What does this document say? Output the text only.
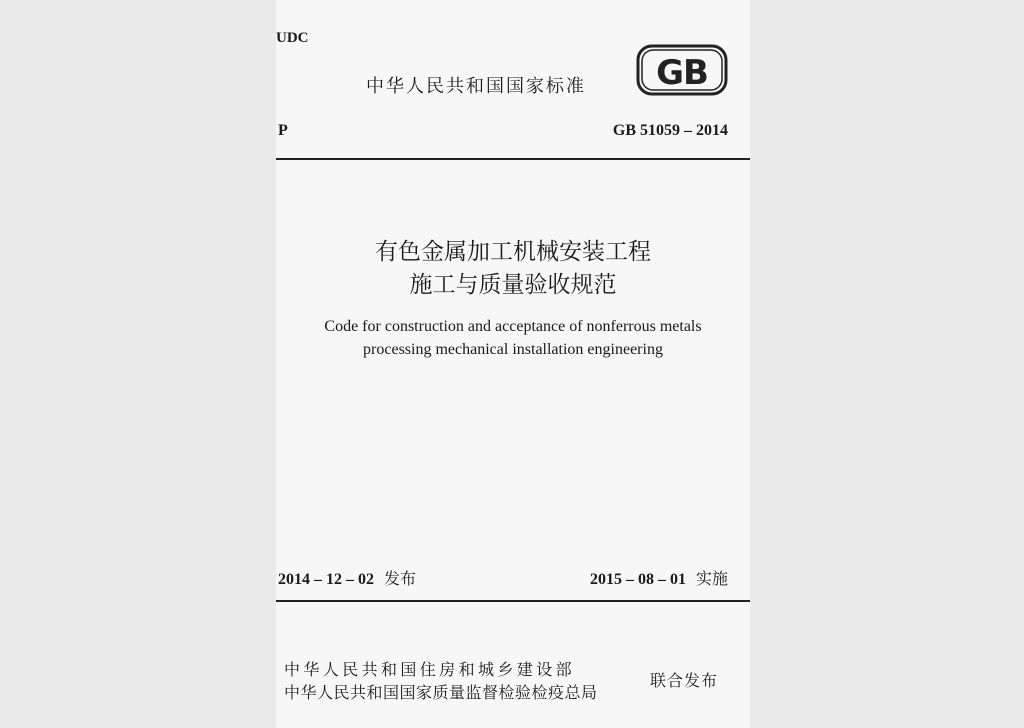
UDC
中华人民共和国国家标准 GB
P	GB 51059 – 2014
有色金属加工机械安装工程
施工与质量验收规范
Code for construction and acceptance of nonferrous metals
processing mechanical installation engineering
2014 – 12 – 02 发布	2015 – 08 – 01 实施
中华人民共和国住房和城乡建设部
中华人民共和国国家质量监督检验检疫总局
联合发布
